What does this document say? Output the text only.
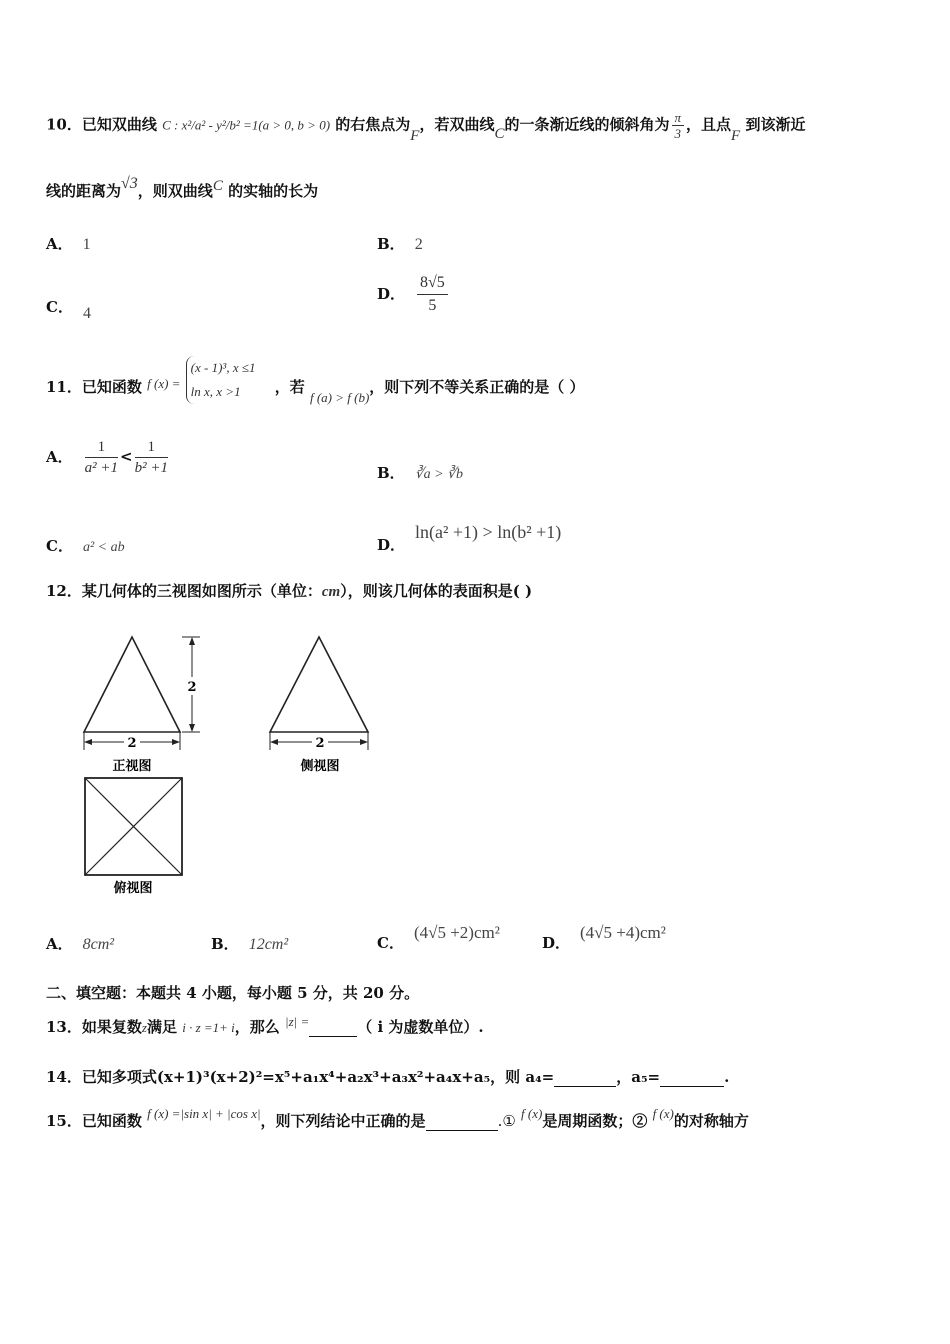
10．已知双曲线 C : x²/a² - y²/b² =1(a > 0, b > 0) 的右焦点为F，若双曲线C的一条渐近线的倾斜角为 $\frac{\pi}{3}$ ，且点F 到该渐近
线的距离为√3，则双曲线C 的实轴的长为
A． 1	B． 2
C． 4
D． $\frac{8√5}{5}$
11．已知函数 f (x) =
(x - 1)³, x ≤1
ln x, x >1	，若 f (a) > f (b)，则下列不等关系正确的是（ ）
A． $\frac{1}{\text{a² +1}} < \frac{1}{\text{b² +1}}$	B． ∛a > ∛b
C． a² < ab	D．ln(a² +1) > ln(b² +1)
12．某几何体的三视图如图所示（单位：cm），则该几何体的表面积是( )
2
2
正视图
2
侧视图
俯视图
A． 8cm²	B． 12cm²	C．(4√5 +2)cm²
D．(4√5 +4)cm²
二、填空题：本题共 4 小题，每小题 5 分，共 20 分。
13．如果复数z满足 i · z =1+ i，那么 |z| =	（ i 为虚数单位）.
14．已知多项式(x+1)³(x+2)²=x⁵+a₁x⁴+a₂x³+a₃x²+a₄x+a₅，则 a₄=	，a₅=	.
15．已知函数 f (x) =|sin x| + |cos x|，则下列结论中正确的是	.① f (x)是周期函数；② f (x)的对称轴方
